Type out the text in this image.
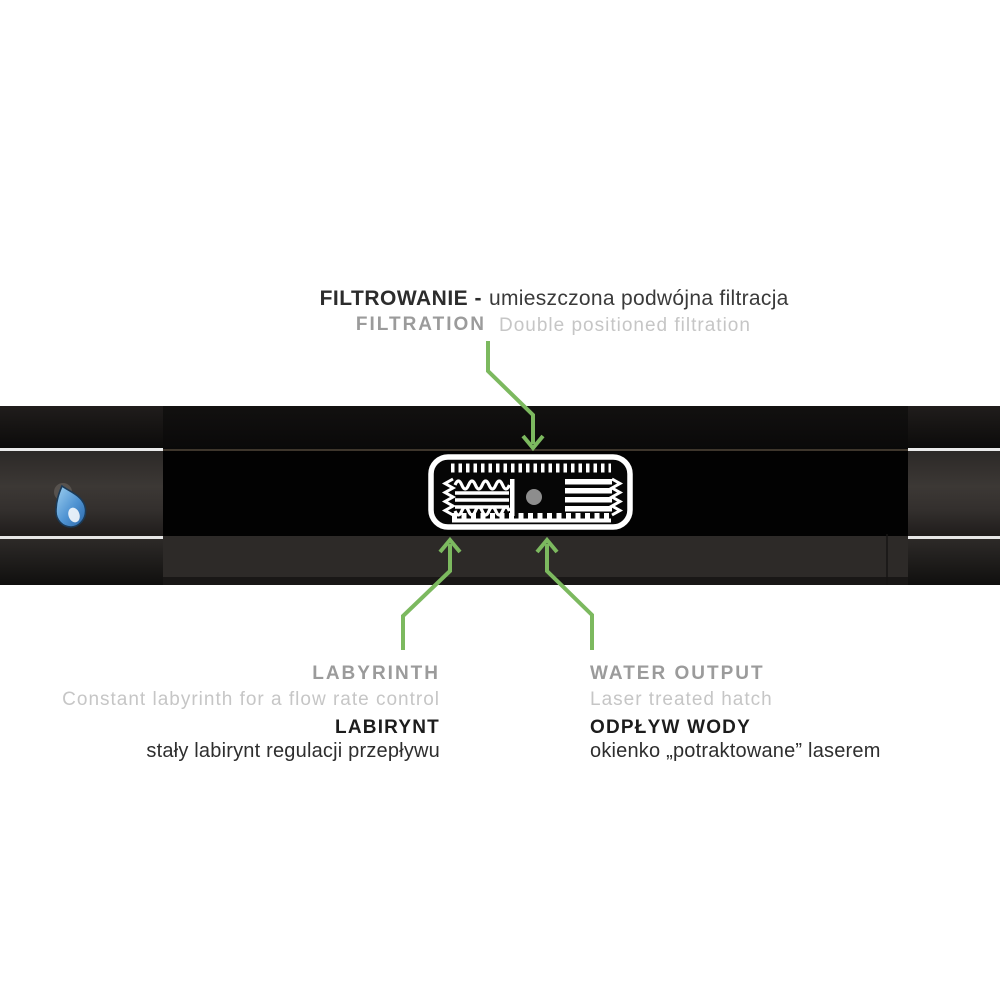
FILTROWANIE - umieszczona podwójna filtracja
FILTRATION Double positioned filtration
LABYRINTH
Constant labyrinth for a flow rate control
LABIRYNT
stały labirynt regulacji przepływu
WATER OUTPUT
Laser treated hatch
ODPŁYW WODY
okienko „potraktowane” laserem
